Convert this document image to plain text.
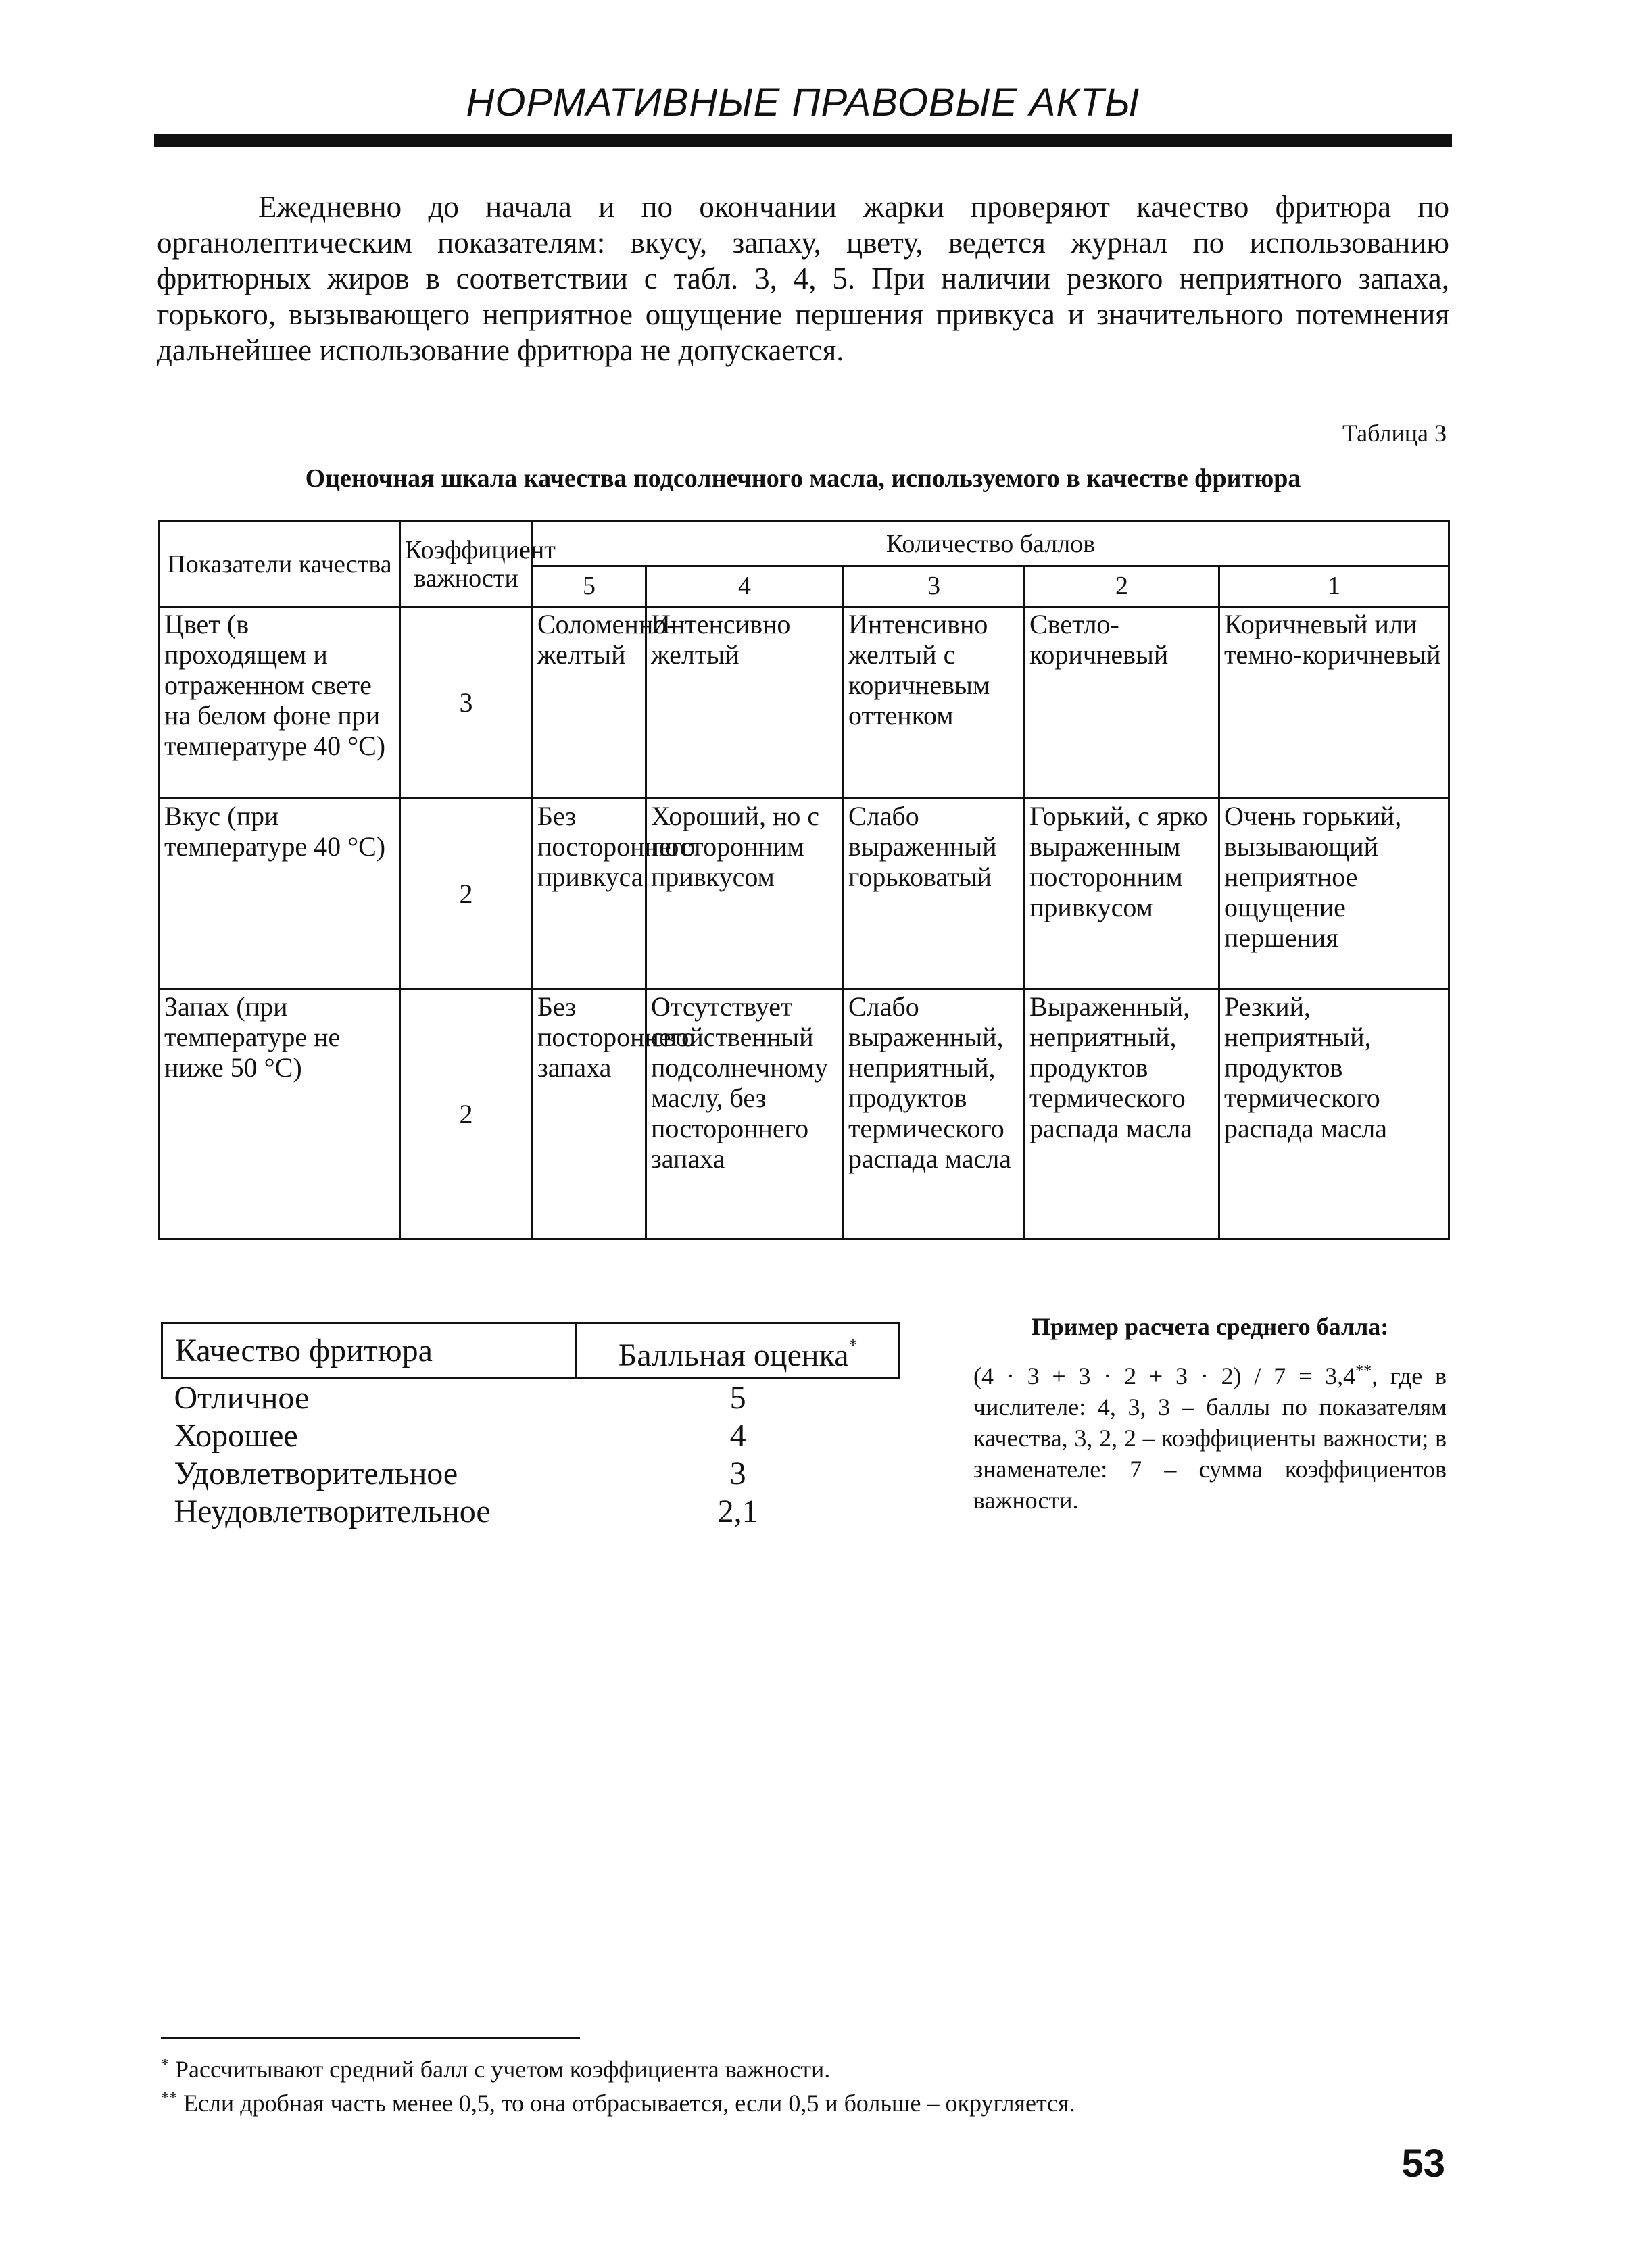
НОРМАТИВНЫЕ ПРАВОВЫЕ АКТЫ

Ежедневно до начала и по окончании жарки проверяют качество фритюра по органолептическим показателям: вкусу, запаху, цвету, ведется журнал по использованию фритюрных жиров в соответствии с табл. 3, 4, 5. При наличии резкого неприятного запаха, горького, вызывающего неприятное ощущение першения привкуса и значительного потемнения дальнейшее использование фритюра не допускается.

Таблица 3
Оценочная шкала качества подсолнечного масла, используемого в качестве фритюра
Показатели качества	Коэффициент важности	Количество баллов				
		5	4	3	2	1
Цвет (в проходящем и отраженном свете на белом фоне при температуре 40 °С)	3	Соломенно-желтый	Интенсивно желтый	Интенсивно желтый с коричневым оттенком	Светло-коричневый	Коричневый или темно-коричневый
Вкус (при температуре 40 °С)	2	Без постороннего привкуса	Хороший, но с посторонним привкусом	Слабо выраженный горьковатый	Горький, с ярко выраженным посторонним привкусом	Очень горький, вызывающий неприятное ощущение першения
Запах (при температуре не ниже 50 °С)	2	Без постороннего запаха	Отсутствует свойственный подсолнечному маслу, без постороннего запаха	Слабо выраженный, неприятный, продуктов термического распада масла	Выраженный, неприятный, продуктов термического распада масла	Резкий, неприятный, продуктов термического распада масла
Качество фритюра	Балльная оценка*
Отличное	5
Хорошее	4
Удовлетворительное	3
Неудовлетворительное	2,1
Пример расчета среднего балла:

(4 · 3 + 3 · 2 + 3 · 2) / 7 = 3,4**, где в числителе: 4, 3, 3 – баллы по показателям качества, 3, 2, 2 – коэффициенты важности; в знаменателе: 7 – сумма коэффициентов важности.

* Рассчитывают средний балл с учетом коэффициента важности.
** Если дробная часть менее 0,5, то она отбрасывается, если 0,5 и больше – округляется.
53
